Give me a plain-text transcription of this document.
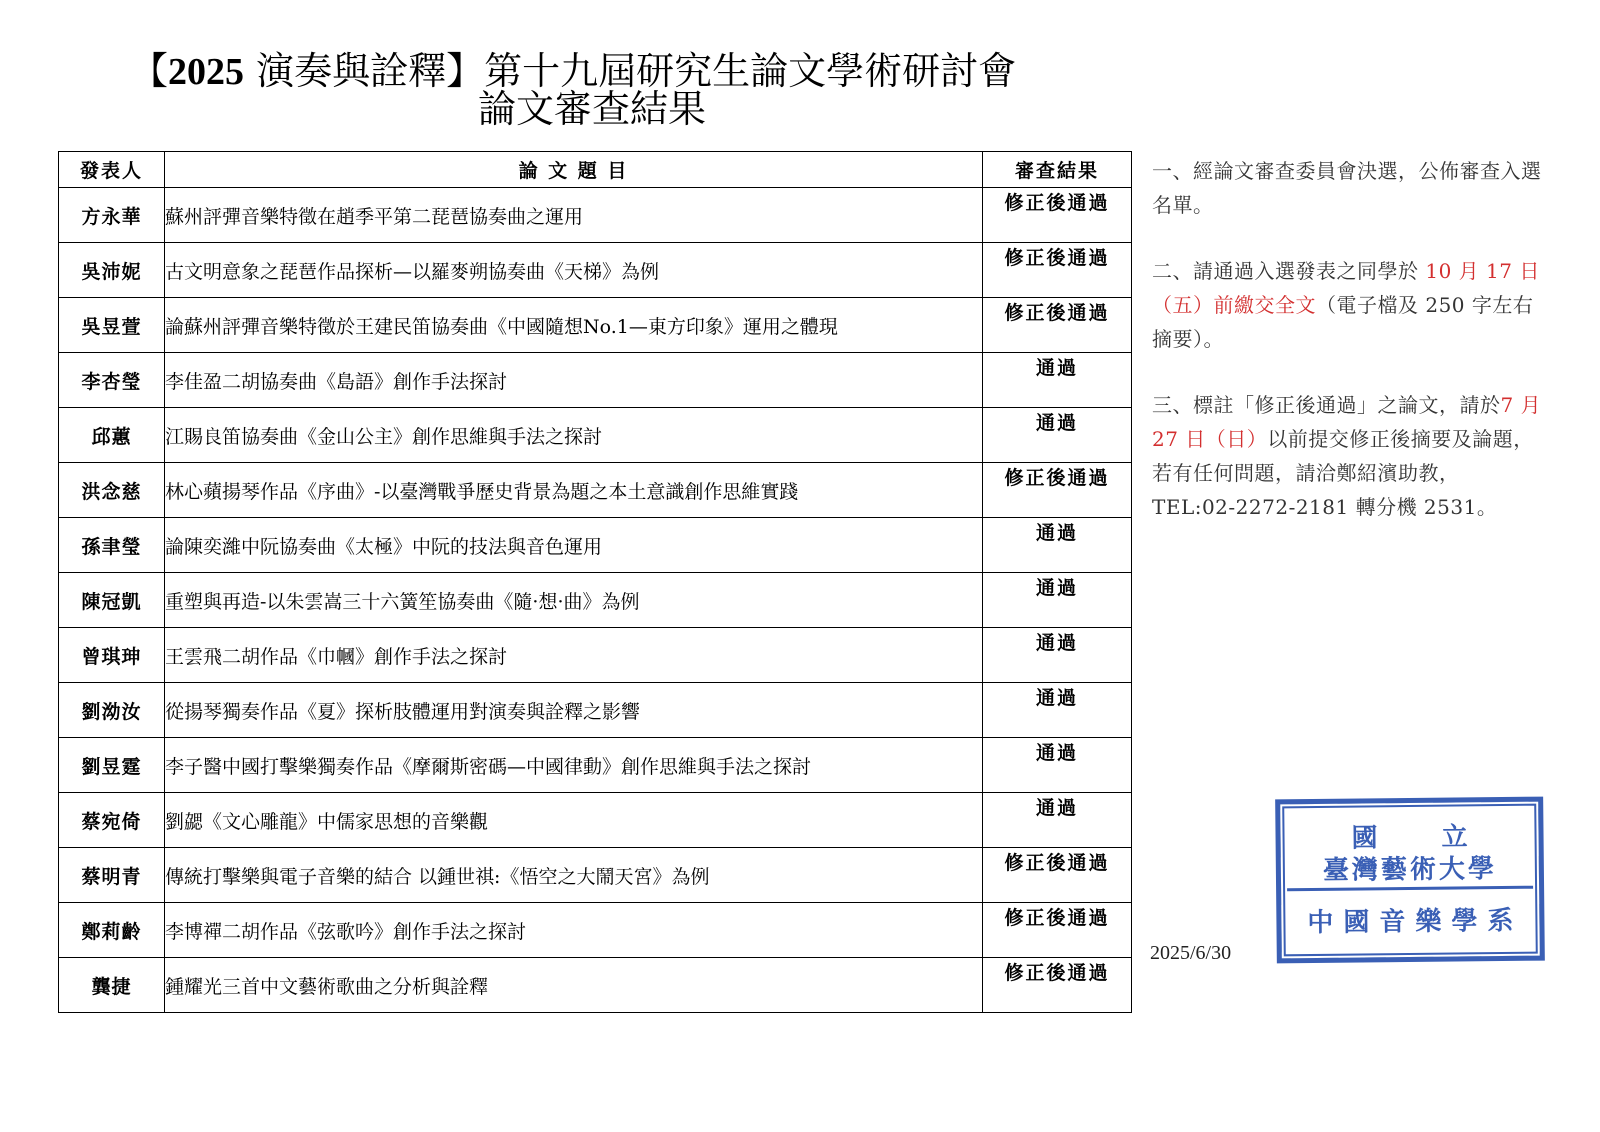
【2025 演奏與詮釋】第十九屆研究生論文學術研討會
論文審查結果
發表人	論 文 題 目	審查結果
方永華	蘇州評彈音樂特徵在趙季平第二琵琶協奏曲之運用	修正後通過
吳沛妮	古文明意象之琵琶作品探析—以羅麥朔協奏曲《天梯》為例	修正後通過
吳昱萱	論蘇州評彈音樂特徵於王建民笛協奏曲《中國隨想No.1—東方印象》運用之體現	修正後通過
李杏瑩	李佳盈二胡協奏曲《島語》創作手法探討	通過
邱蕙	江賜良笛協奏曲《金山公主》創作思維與手法之探討	通過
洪念慈	林心蘋揚琴作品《序曲》-以臺灣戰爭歷史背景為題之本土意識創作思維實踐	修正後通過
孫聿瑩	論陳奕濰中阮協奏曲《太極》中阮的技法與音色運用	通過
陳冠凱	重塑與再造-以朱雲嵩三十六簧笙協奏曲《隨·想·曲》為例	通過
曾琪珅	王雲飛二胡作品《巾幗》創作手法之探討	通過
劉泑汝	從揚琴獨奏作品《夏》探析肢體運用對演奏與詮釋之影響	通過
劉昱霆	李子醫中國打擊樂獨奏作品《摩爾斯密碼—中國律動》創作思維與手法之探討	通過
蔡宛倚	劉勰《文心雕龍》中儒家思想的音樂觀	通過
蔡明青	傳統打擊樂與電子音樂的結合 以鍾世祺:《悟空之大鬧天宮》為例	修正後通過
鄭莉齡	李博禪二胡作品《弦歌吟》創作手法之探討	修正後通過
龔捷	鍾耀光三首中文藝術歌曲之分析與詮釋	修正後通過

一、經論文審查委員會決選，公佈審查入選名單。

二、請通過入選發表之同學於 10 月 17 日（五）前繳交全文（電子檔及 250 字左右摘要）。

三、標註「修正後通過」之論文，請於7 月 27 日（日）以前提交修正後摘要及論題，若有任何問題，請洽鄭紹濱助教，TEL:02-2272-2181 轉分機 2531。

2025/6/30
國立
臺灣藝術大學
中國音樂學系
